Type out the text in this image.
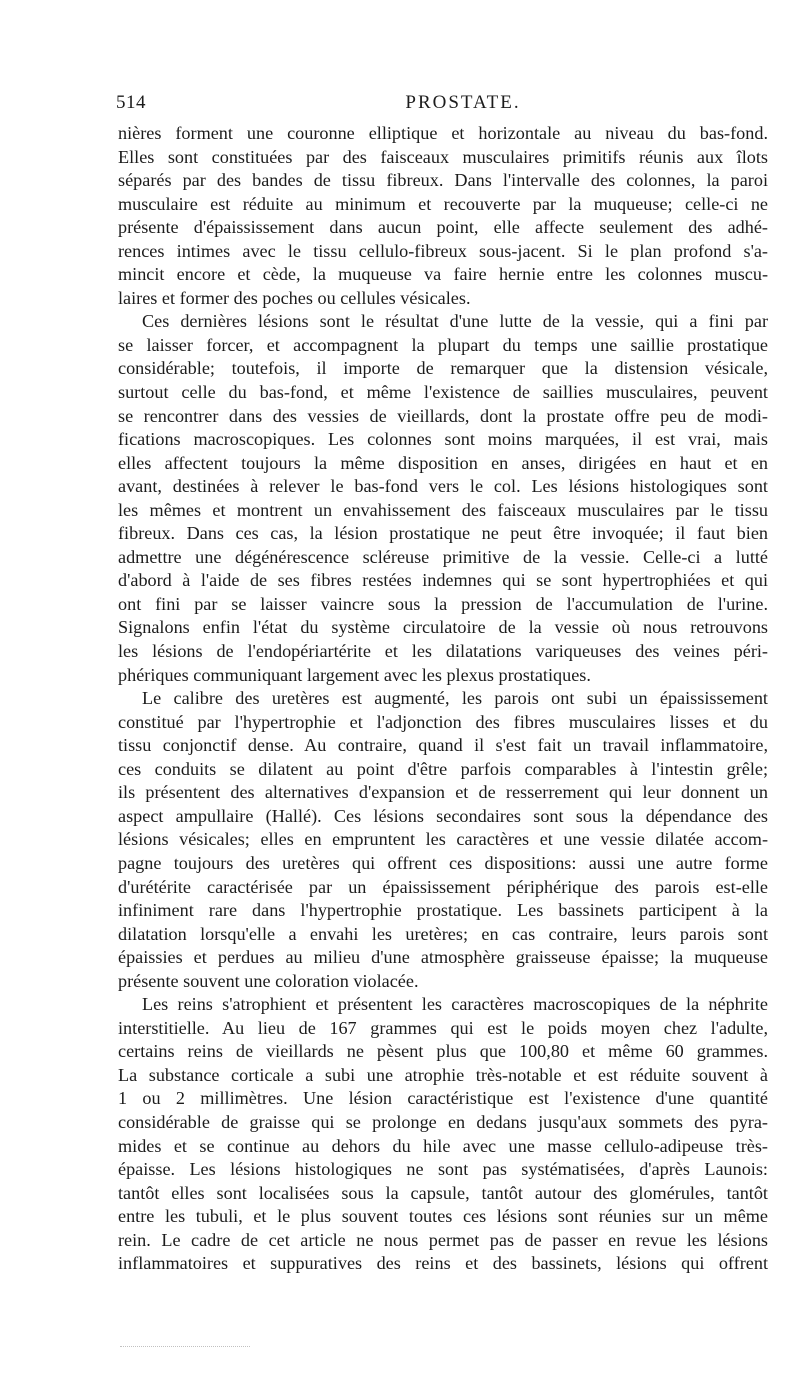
514	PROSTATE.
nières forment une couronne elliptique et horizontale au niveau du bas-fond.
Elles sont constituées par des faisceaux musculaires primitifs réunis aux îlots
séparés par des bandes de tissu fibreux. Dans l'intervalle des colonnes, la paroi
musculaire est réduite au minimum et recouverte par la muqueuse; celle-ci ne
présente d'épaississement dans aucun point, elle affecte seulement des adhé-
rences intimes avec le tissu cellulo-fibreux sous-jacent. Si le plan profond s'a-
mincit encore et cède, la muqueuse va faire hernie entre les colonnes muscu-
laires et former des poches ou cellules vésicales.
Ces dernières lésions sont le résultat d'une lutte de la vessie, qui a fini par
se laisser forcer, et accompagnent la plupart du temps une saillie prostatique
considérable; toutefois, il importe de remarquer que la distension vésicale,
surtout celle du bas-fond, et même l'existence de saillies musculaires, peuvent
se rencontrer dans des vessies de vieillards, dont la prostate offre peu de modi-
fications macroscopiques. Les colonnes sont moins marquées, il est vrai, mais
elles affectent toujours la même disposition en anses, dirigées en haut et en
avant, destinées à relever le bas-fond vers le col. Les lésions histologiques sont
les mêmes et montrent un envahissement des faisceaux musculaires par le tissu
fibreux. Dans ces cas, la lésion prostatique ne peut être invoquée; il faut bien
admettre une dégénérescence scléreuse primitive de la vessie. Celle-ci a lutté
d'abord à l'aide de ses fibres restées indemnes qui se sont hypertrophiées et qui
ont fini par se laisser vaincre sous la pression de l'accumulation de l'urine.
Signalons enfin l'état du système circulatoire de la vessie où nous retrouvons
les lésions de l'endopériartérite et les dilatations variqueuses des veines péri-
phériques communiquant largement avec les plexus prostatiques.
Le calibre des uretères est augmenté, les parois ont subi un épaississement
constitué par l'hypertrophie et l'adjonction des fibres musculaires lisses et du
tissu conjonctif dense. Au contraire, quand il s'est fait un travail inflammatoire,
ces conduits se dilatent au point d'être parfois comparables à l'intestin grêle;
ils présentent des alternatives d'expansion et de resserrement qui leur donnent un
aspect ampullaire (Hallé). Ces lésions secondaires sont sous la dépendance des
lésions vésicales; elles en empruntent les caractères et une vessie dilatée accom-
pagne toujours des uretères qui offrent ces dispositions: aussi une autre forme
d'urétérite caractérisée par un épaississement périphérique des parois est-elle
infiniment rare dans l'hypertrophie prostatique. Les bassinets participent à la
dilatation lorsqu'elle a envahi les uretères; en cas contraire, leurs parois sont
épaissies et perdues au milieu d'une atmosphère graisseuse épaisse; la muqueuse
présente souvent une coloration violacée.
Les reins s'atrophient et présentent les caractères macroscopiques de la néphrite
interstitielle. Au lieu de 167 grammes qui est le poids moyen chez l'adulte,
certains reins de vieillards ne pèsent plus que 100,80 et même 60 grammes.
La substance corticale a subi une atrophie très-notable et est réduite souvent à
1 ou 2 millimètres. Une lésion caractéristique est l'existence d'une quantité
considérable de graisse qui se prolonge en dedans jusqu'aux sommets des pyra-
mides et se continue au dehors du hile avec une masse cellulo-adipeuse très-
épaisse. Les lésions histologiques ne sont pas systématisées, d'après Launois:
tantôt elles sont localisées sous la capsule, tantôt autour des glomérules, tantôt
entre les tubuli, et le plus souvent toutes ces lésions sont réunies sur un même
rein. Le cadre de cet article ne nous permet pas de passer en revue les lésions
inflammatoires et suppuratives des reins et des bassinets, lésions qui offrent
